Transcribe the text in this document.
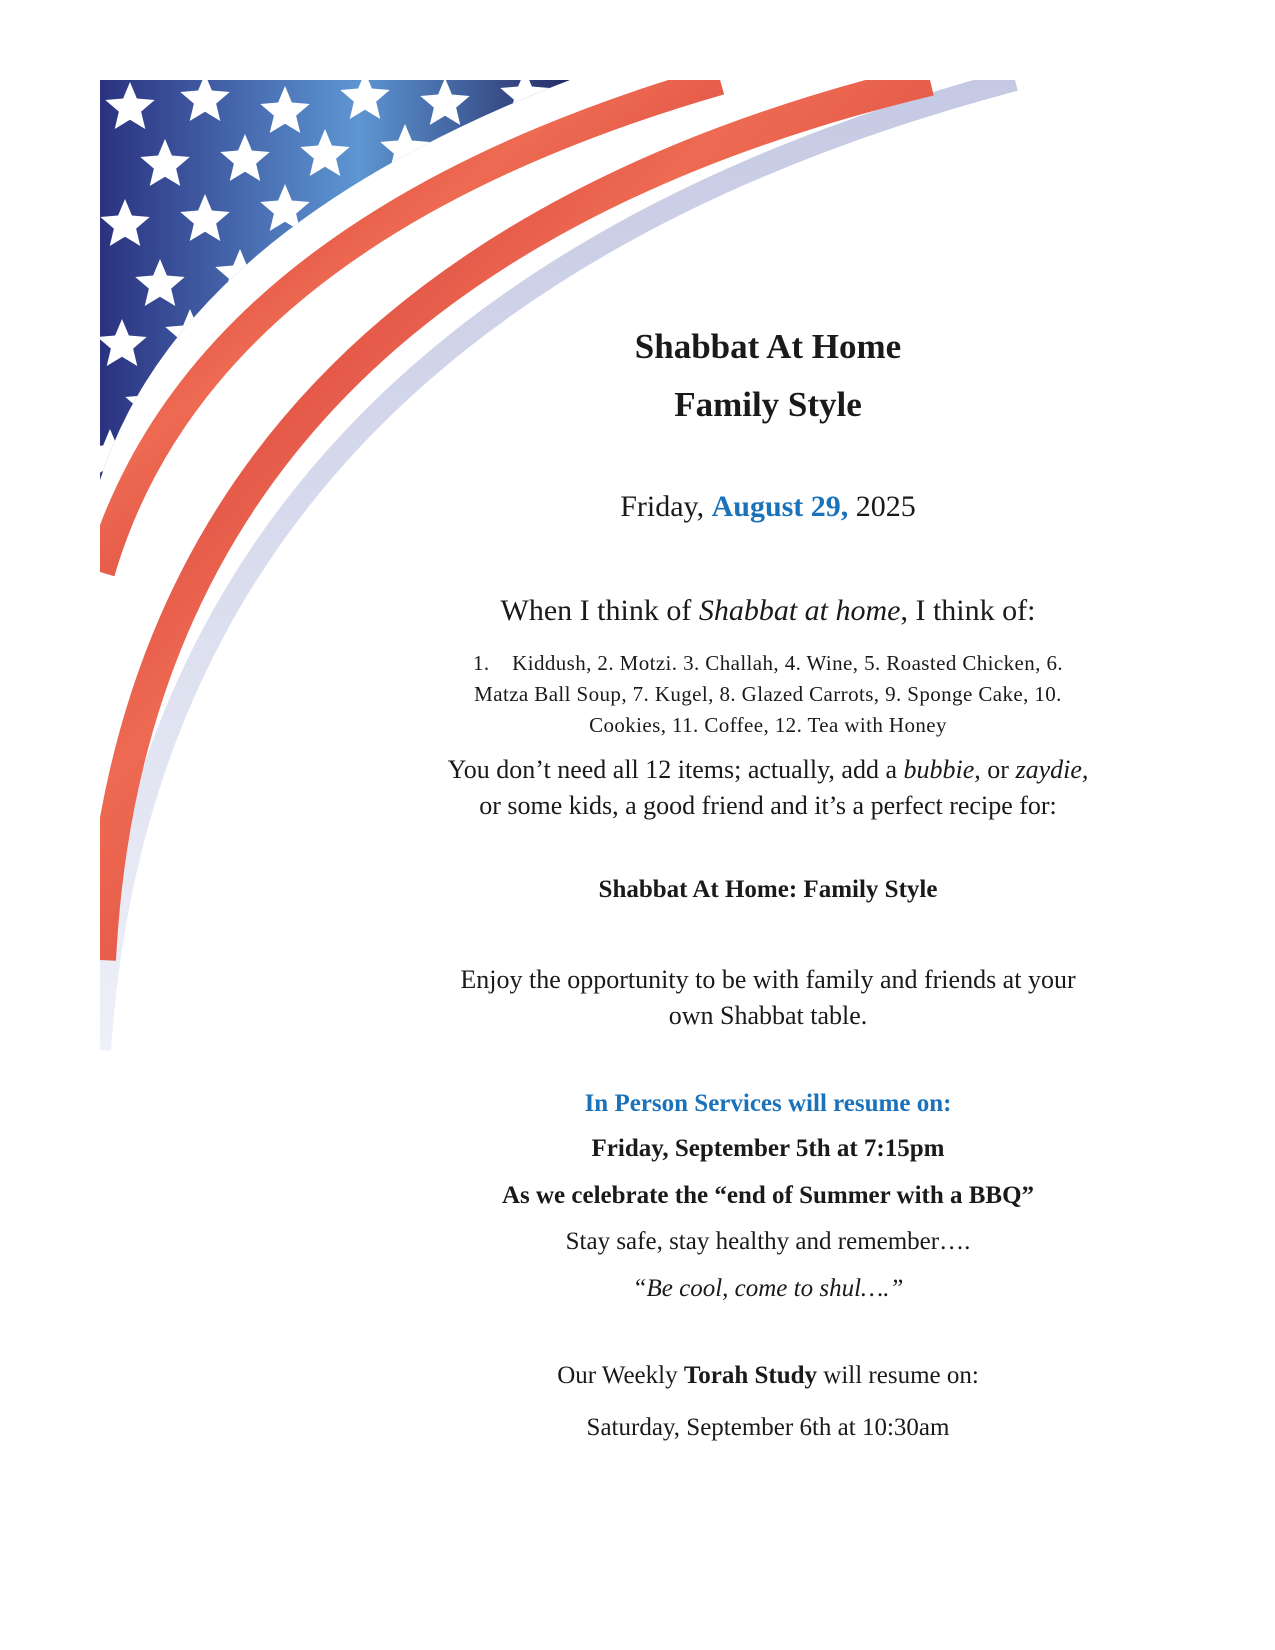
Shabbat At Home
Family Style

Friday, August 29, 2025

When I think of Shabbat at home, I think of:

1. Kiddush, 2. Motzi. 3. Challah, 4. Wine, 5. Roasted Chicken, 6.
Matza Ball Soup, 7. Kugel, 8. Glazed Carrots, 9. Sponge Cake, 10.
Cookies, 11. Coffee, 12. Tea with Honey
You don’t need all 12 items; actually, add a bubbie, or zaydie,
or some kids, a good friend and it’s a perfect recipe for:

Shabbat At Home: Family Style

Enjoy the opportunity to be with family and friends at your
own Shabbat table.

In Person Services will resume on:

Friday, September 5th at 7:15pm

As we celebrate the “end of Summer with a BBQ”

Stay safe, stay healthy and remember….

“Be cool, come to shul….”

Our Weekly Torah Study will resume on:

Saturday, September 6th at 10:30am
